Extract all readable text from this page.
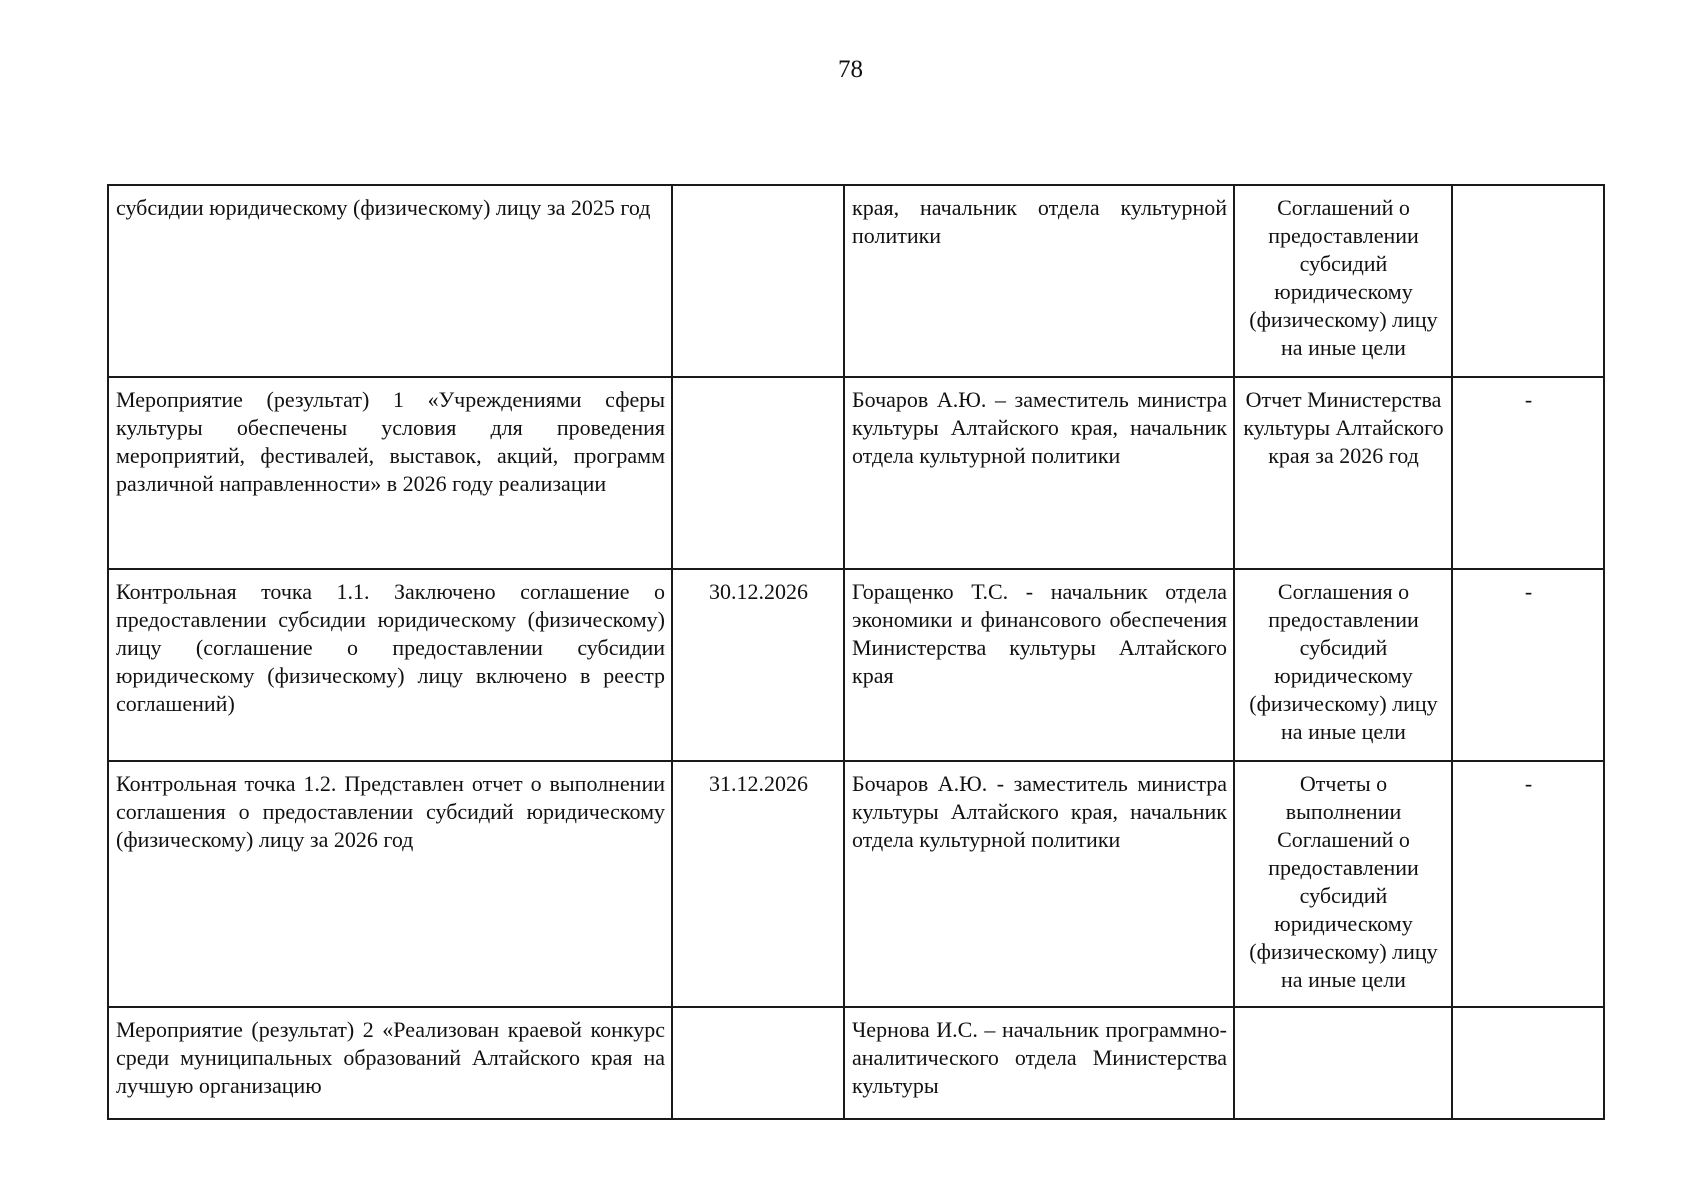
78
субсидии юридическому (физическому) лицу за 2025 год		края, начальник отдела культурной политики	Соглашений о предоставлении субсидий юридическому (физическому) лицу на иные цели	
Мероприятие (результат) 1 «Учреждениями сферы культуры обеспечены условия для проведения мероприятий, фестивалей, выставок, акций, программ различной направленности» в 2026 году реализации		Бочаров А.Ю. – заместитель министра культуры Алтайского края, начальник отдела культурной политики	Отчет Министерства культуры Алтайского края за 2026 год	-
Контрольная точка 1.1. Заключено соглашение о предоставлении субсидии юридическому (физическому) лицу (соглашение о предоставлении субсидии юридическому (физическому) лицу включено в реестр соглашений)	30.12.2026	Горащенко Т.С. - начальник отдела экономики и финансового обеспечения Министерства культуры Алтайского края	Соглашения о предоставлении субсидий юридическому (физическому) лицу на иные цели	-
Контрольная точка 1.2. Представлен отчет о выполнении соглашения о предоставлении субсидий юридическому (физическому) лицу за 2026 год	31.12.2026	Бочаров А.Ю. - заместитель министра культуры Алтайского края, начальник отдела культурной политики	Отчеты о выполнении Соглашений о предоставлении субсидий юридическому (физическому) лицу на иные цели	-
Мероприятие (результат) 2 «Реализован краевой конкурс среди муниципальных образований Алтайского края на лучшую организацию		Чернова И.С. – начальник программно-аналитического отдела Министерства культуры		
